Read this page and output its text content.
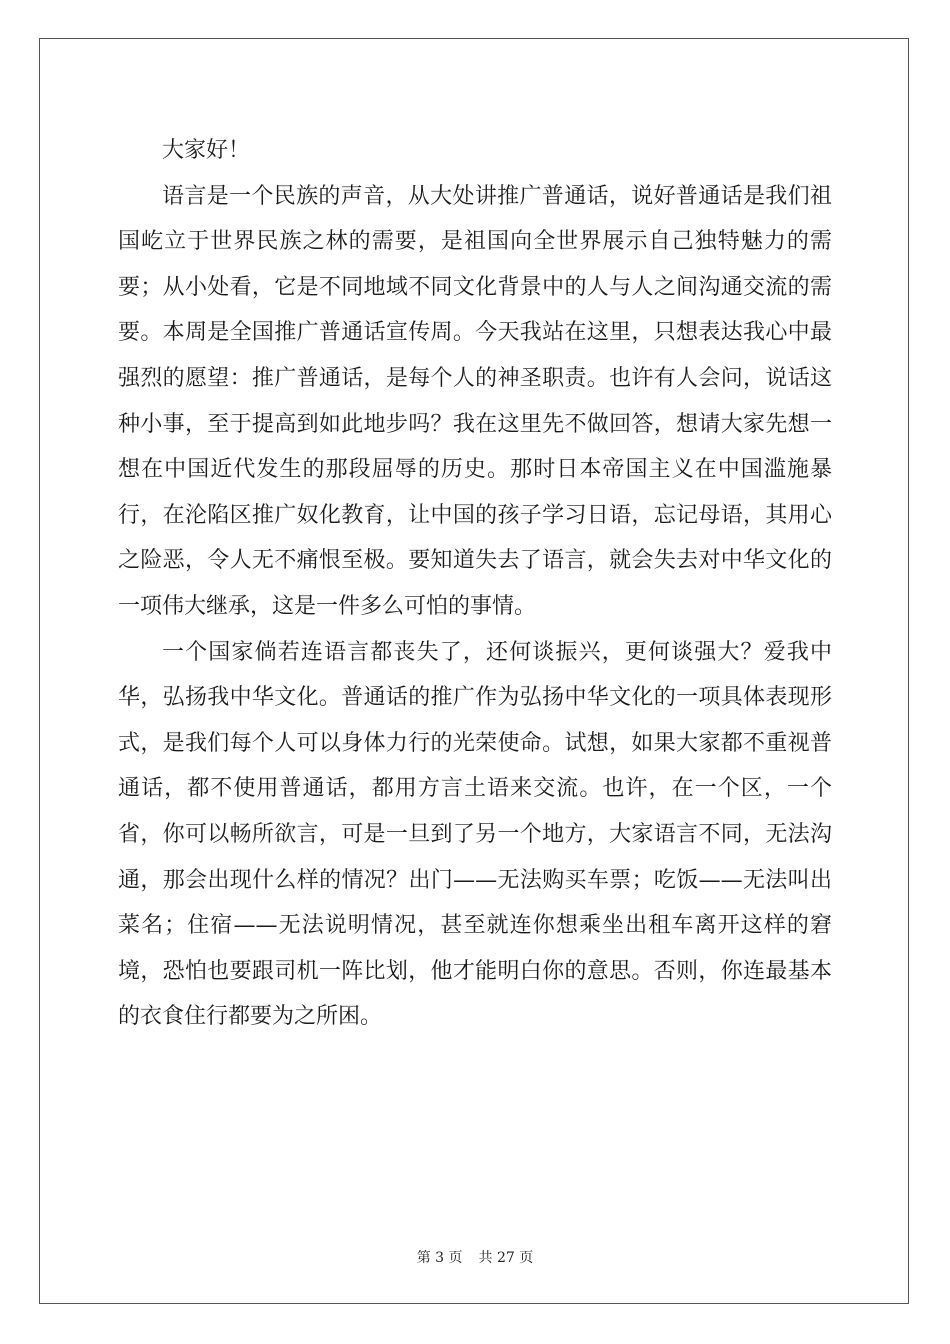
大家好！

语言是一个民族的声音，从大处讲推广普通话，说好普通话是我们祖国屹立于世界民族之林的需要，是祖国向全世界展示自己独特魅力的需要；从小处看，它是不同地域不同文化背景中的人与人之间沟通交流的需要。本周是全国推广普通话宣传周。今天我站在这里，只想表达我心中最强烈的愿望：推广普通话，是每个人的神圣职责。也许有人会问，说话这种小事，至于提高到如此地步吗？我在这里先不做回答，想请大家先想一想在中国近代发生的那段屈辱的历史。那时日本帝国主义在中国滥施暴行，在沦陷区推广奴化教育，让中国的孩子学习日语，忘记母语，其用心之险恶，令人无不痛恨至极。要知道失去了语言，就会失去对中华文化的一项伟大继承，这是一件多么可怕的事情。

一个国家倘若连语言都丧失了，还何谈振兴，更何谈强大？爱我中华，弘扬我中华文化。普通话的推广作为弘扬中华文化的一项具体表现形式，是我们每个人可以身体力行的光荣使命。试想，如果大家都不重视普通话，都不使用普通话，都用方言土语来交流。也许，在一个区，一个省，你可以畅所欲言，可是一旦到了另一个地方，大家语言不同，无法沟通，那会出现什么样的情况？出门——无法购买车票；吃饭——无法叫出菜名；住宿——无法说明情况，甚至就连你想乘坐出租车离开这样的窘境，恐怕也要跟司机一阵比划，他才能明白你的意思。否则，你连最基本的衣食住行都要为之所困。

第 3 页 共 27 页
